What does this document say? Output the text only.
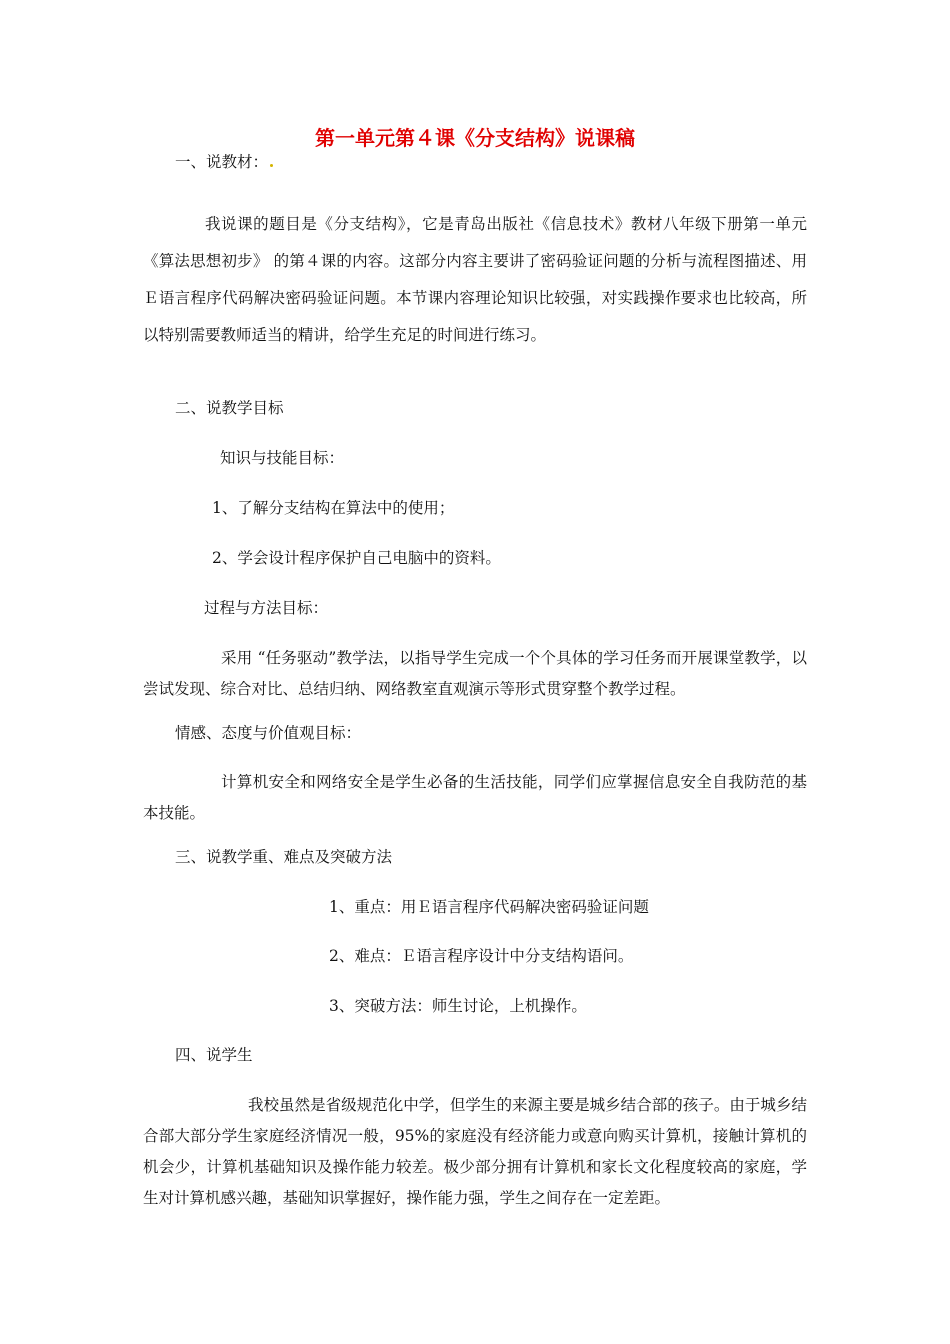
第一单元第４课《分支结构》说课稿

一、说教材：

我说课的题目是《分支结构》，它是青岛出版社《信息技术》教材八年级下册第一单元《算法思想初步》 的第４课的内容。这部分内容主要讲了密码验证问题的分析与流程图描述、用Ｅ语言程序代码解决密码验证问题。本节课内容理论知识比较强，对实践操作要求也比较高，所以特别需要教师适当的精讲，给学生充足的时间进行练习。

二、说教学目标

知识与技能目标：

1、了解分支结构在算法中的使用；

2、学会设计程序保护自己电脑中的资料。

过程与方法目标：

采用 “任务驱动”教学法，以指导学生完成一个个具体的学习任务而开展课堂教学，以尝试发现、综合对比、总结归纳、网络教室直观演示等形式贯穿整个教学过程。

情感、态度与价值观目标：

计算机安全和网络安全是学生必备的生活技能，同学们应掌握信息安全自我防范的基本技能。

三、说教学重、难点及突破方法

1、重点：用Ｅ语言程序代码解决密码验证问题

2、难点：Ｅ语言程序设计中分支结构语问。

3、突破方法：师生讨论，上机操作。

四、说学生

我校虽然是省级规范化中学，但学生的来源主要是城乡结合部的孩子。由于城乡结合部大部分学生家庭经济情况一般，95%的家庭没有经济能力或意向购买计算机，接触计算机的机会少，计算机基础知识及操作能力较差。极少部分拥有计算机和家长文化程度较高的家庭，学生对计算机感兴趣，基础知识掌握好，操作能力强，学生之间存在一定差距。
